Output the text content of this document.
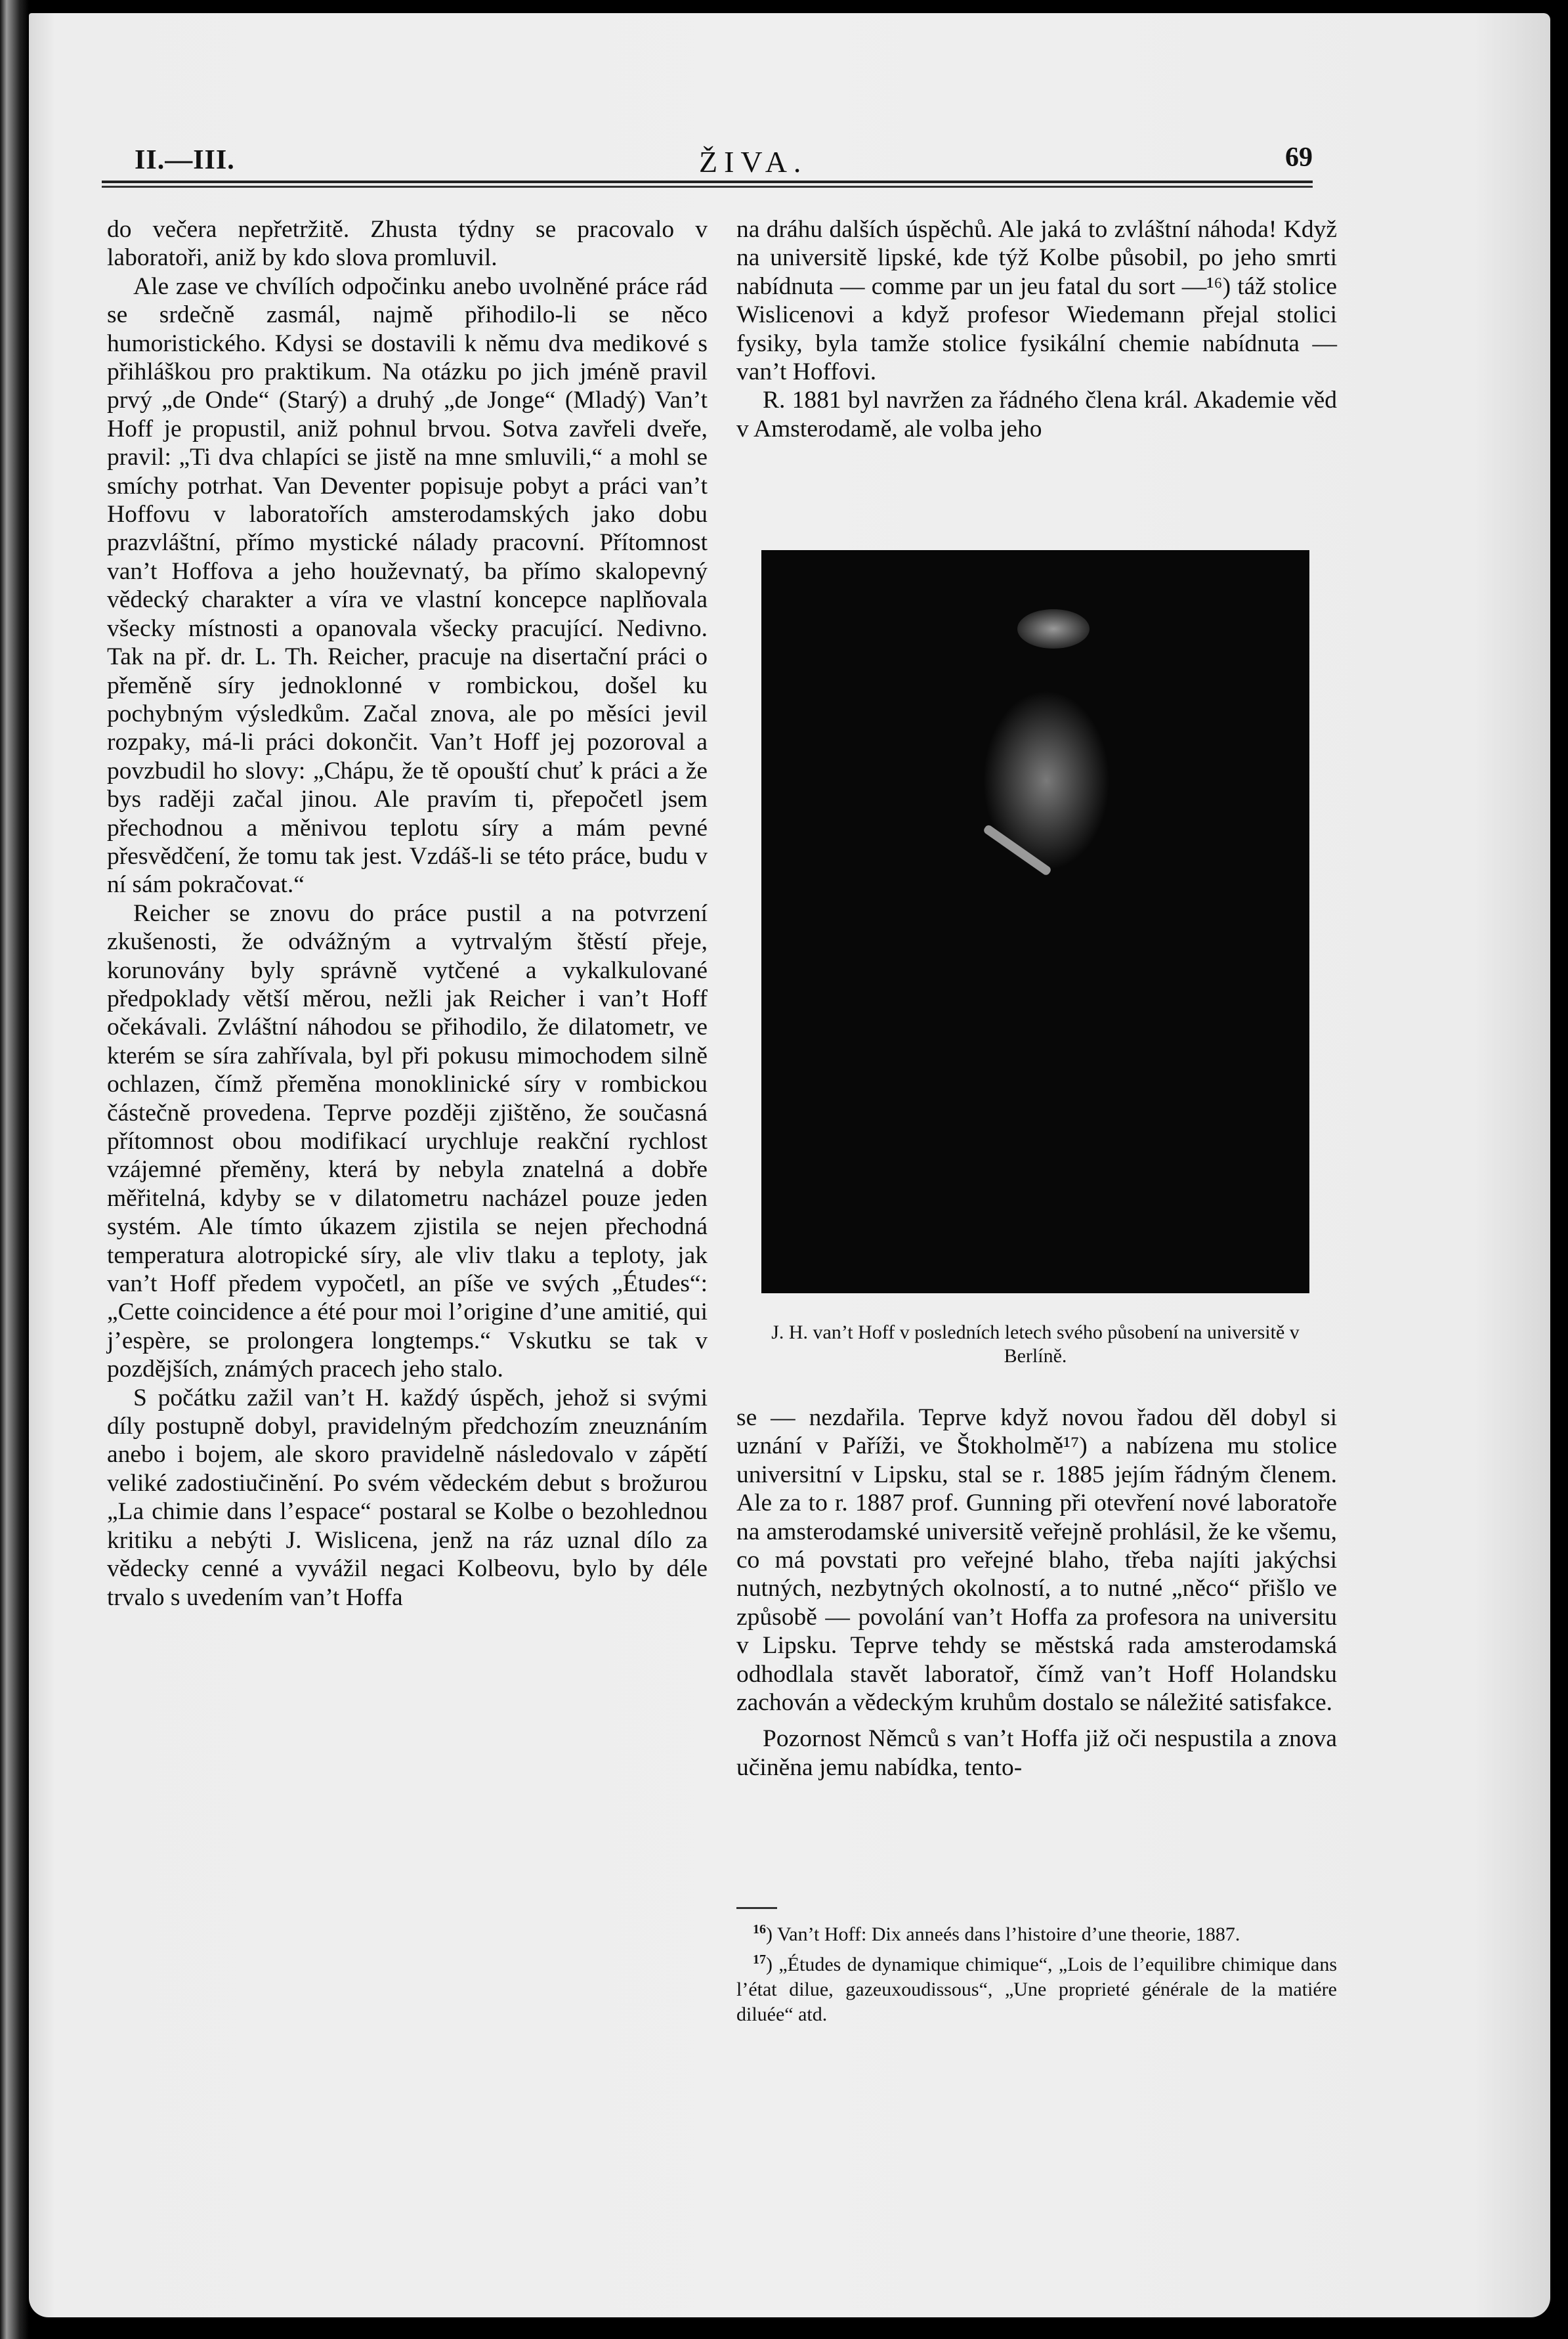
II.—III.	ŽIVA.	69

do večera nepřetržitě. Zhusta týdny se pracovalo v laboratoři, aniž by kdo slova promluvil.

Ale zase ve chvílích odpočinku anebo uvolněné práce rád se srdečně zasmál, najmě přihodilo-li se něco humoristického. Kdysi se dostavili k němu dva medikové s přihláškou pro praktikum. Na otázku po jich jméně pravil prvý „de Onde“ (Starý) a druhý „de Jonge“ (Mladý) Van’t Hoff je propustil, aniž pohnul brvou. Sotva zavřeli dveře, pravil: „Ti dva chlapíci se jistě na mne smluvili,“ a mohl se smíchy potrhat. Van Deventer popisuje pobyt a práci van’t Hoffovu v laboratořích amsterodamských jako dobu prazvláštní, přímo mystické nálady pracovní. Přítomnost van’t Hoffova a jeho houževnatý, ba přímo skalopevný vědecký charakter a víra ve vlastní koncepce naplňovala všecky místnosti a opanovala všecky pracující. Nedivno. Tak na př. dr. L. Th. Reicher, pracuje na disertační práci o přeměně síry jednoklonné v rombickou, došel ku pochybným výsledkům. Začal znova, ale po měsíci jevil rozpaky, má-li práci dokončit. Van’t Hoff jej pozoroval a povzbudil ho slovy: „Chápu, že tě opouští chuť k práci a že bys raději začal jinou. Ale pravím ti, přepočetl jsem přechodnou a měnivou teplotu síry a mám pevné přesvědčení, že tomu tak jest. Vzdáš-li se této práce, budu v ní sám pokračovat.“

Reicher se znovu do práce pustil a na potvrzení zkušenosti, že odvážným a vytrvalým štěstí přeje, korunovány byly správně vytčené a vykalkulované předpoklady větší měrou, nežli jak Reicher i van’t Hoff očekávali. Zvláštní náhodou se přihodilo, že dilatometr, ve kterém se síra zahřívala, byl při pokusu mimochodem silně ochlazen, čímž přeměna monoklinické síry v rombickou částečně provedena. Teprve později zjištěno, že současná přítomnost obou modifikací urychluje reakční rychlost vzájemné přeměny, která by nebyla znatelná a dobře měřitelná, kdyby se v dilatometru nacházel pouze jeden systém. Ale tímto úkazem zjistila se nejen přechodná temperatura alotropické síry, ale vliv tlaku a teploty, jak van’t Hoff předem vypočetl, an píše ve svých „Études“: „Cette coincidence a été pour moi l’origine d’une amitié, qui j’espère, se prolongera longtemps.“ Vskutku se tak v pozdějších, známých pracech jeho stalo.

S počátku zažil van’t H. každý úspěch, jehož si svými díly postupně dobyl, pravidelným předchozím zneuznáním anebo i bojem, ale skoro pravidelně následovalo v zápětí veliké zadostiučinění. Po svém vědeckém debut s brožurou „La chimie dans l’espace“ postaral se Kolbe o bezohlednou kritiku a nebýti J. Wislicena, jenž na ráz uznal dílo za vědecky cenné a vyvážil negaci Kolbeovu, bylo by déle trvalo s uvedením van’t Hoffa

na dráhu dalších úspěchů. Ale jaká to zvláštní náhoda! Když na universitě lipské, kde týž Kolbe působil, po jeho smrti nabídnuta — comme par un jeu fatal du sort —¹⁶) táž stolice Wislicenovi a když profesor Wiedemann přejal stolici fysiky, byla tamže stolice fysikální chemie nabídnuta — van’t Hoffovi.

R. 1881 byl navržen za řádného člena král. Akademie věd v Amsterodamě, ale volba jeho

J. H. van’t Hoff v posledních letech svého působení na universitě v Berlíně.

se — nezdařila. Teprve když novou řadou děl dobyl si uznání v Paříži, ve Štokholmě¹⁷) a nabízena mu stolice universitní v Lipsku, stal se r. 1885 jejím řádným členem. Ale za to r. 1887 prof. Gunning při otevření nové laboratoře na amsterodamské universitě veřejně prohlásil, že ke všemu, co má povstati pro veřejné blaho, třeba najíti jakýchsi nutných, nezbytných okolností, a to nutné „něco“ přišlo ve způsobě — povolání van’t Hoffa za profesora na universitu v Lipsku. Teprve tehdy se městská rada amsterodamská odhodlala stavět laboratoř, čímž van’t Hoff Holandsku zachován a vědeckým kruhům dostalo se náležité satisfakce.

Pozornost Němců s van’t Hoffa již oči nespustila a znova učiněna jemu nabídka, tento-

$^{16}$) Van’t Hoff: Dix anneés dans l’histoire d’une theorie, 1887.

$^{17}$) „Études de dynamique chimique“, „Lois de l’equilibre chimique dans l’état dilue, gazeuxoudissous“, „Une proprieté générale de la matiére diluée“ atd.
